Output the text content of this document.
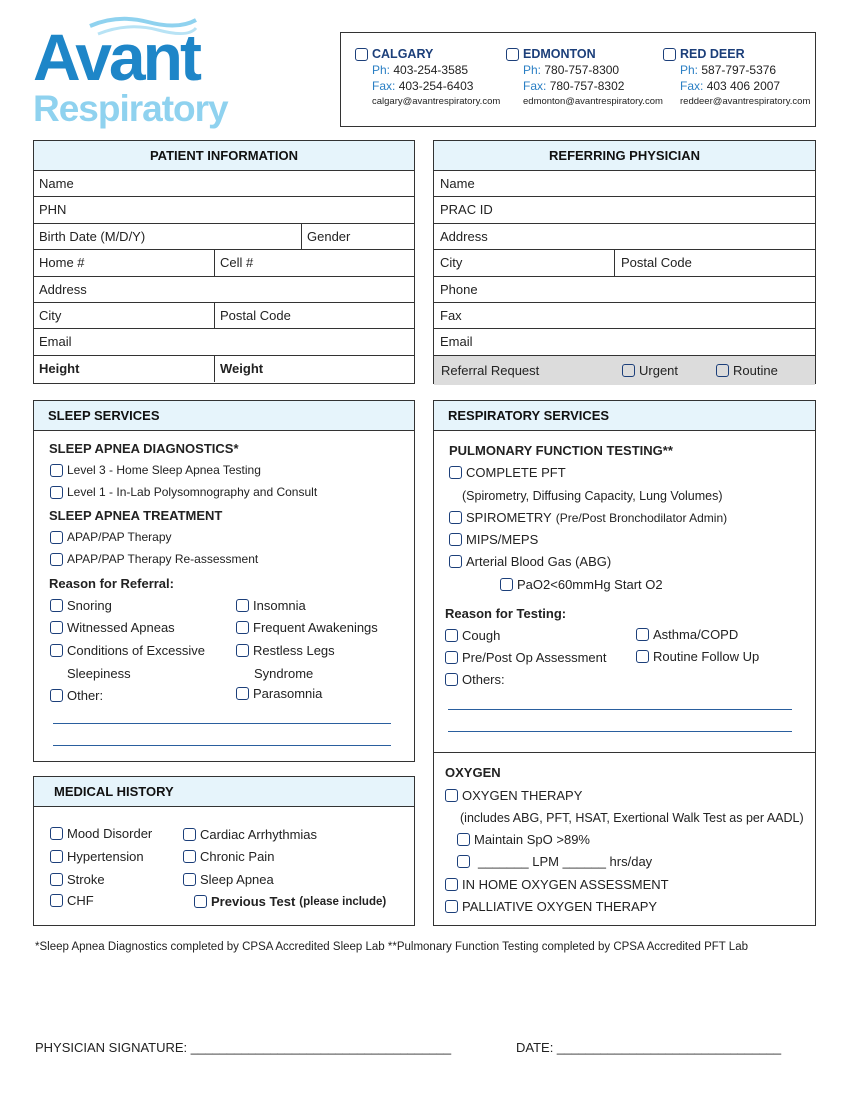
Avant
Respiratory
CALGARY
Ph: 403-254-3585
Fax: 403-254-6403
calgary@avantrespiratory.com
EDMONTON
Ph: 780-757-8300
Fax: 780-757-8302
edmonton@avantrespiratory.com
RED DEER
Ph: 587-797-5376
Fax: 403 406 2007
reddeer@avantrespiratory.com
PATIENT INFORMATION
Name
PHN
Birth Date (M/D/Y)	Gender
Home #	Cell #
Address
City	Postal Code
Email
Height	Weight
REFERRING PHYSICIAN
Name
PRAC ID
Address
City	Postal Code
Phone
Fax
Email
Referral Request	Urgent	Routine
SLEEP SERVICES
SLEEP APNEA DIAGNOSTICS*
Level 3 - Home Sleep Apnea Testing
Level 1 - In-Lab Polysomnography and Consult
SLEEP APNEA TREATMENT
APAP/PAP Therapy
APAP/PAP Therapy Re-assessment
Reason for Referral:
Snoring
Witnessed Apneas
Conditions of Excessive
Sleepiness
Other:
Insomnia
Frequent Awakenings
Restless Legs
Syndrome
Parasomnia
MEDICAL HISTORY
Mood Disorder
Hypertension
Stroke
CHF
Cardiac Arrhythmias
Chronic Pain
Sleep Apnea
Previous Test (please include)
RESPIRATORY SERVICES
PULMONARY FUNCTION TESTING**
COMPLETE PFT
(Spirometry, Diffusing Capacity, Lung Volumes)
SPIROMETRY (Pre/Post Bronchodilator Admin)
MIPS/MEPS
Arterial Blood Gas (ABG)
PaO2<60mmHg Start O2
Reason for Testing:
Cough
Pre/Post Op Assessment
Others:
Asthma/COPD
Routine Follow Up
OXYGEN
OXYGEN THERAPY
(includes ABG, PFT, HSAT, Exertional Walk Test as per AADL)
Maintain SpO >89%
_______ LPM ______ hrs/day
IN HOME OXYGEN ASSESSMENT
PALLIATIVE OXYGEN THERAPY
*Sleep Apnea Diagnostics completed by CPSA Accredited Sleep Lab **Pulmonary Function Testing completed by CPSA Accredited PFT Lab
PHYSICIAN SIGNATURE: ____________________________________	DATE: _______________________________
